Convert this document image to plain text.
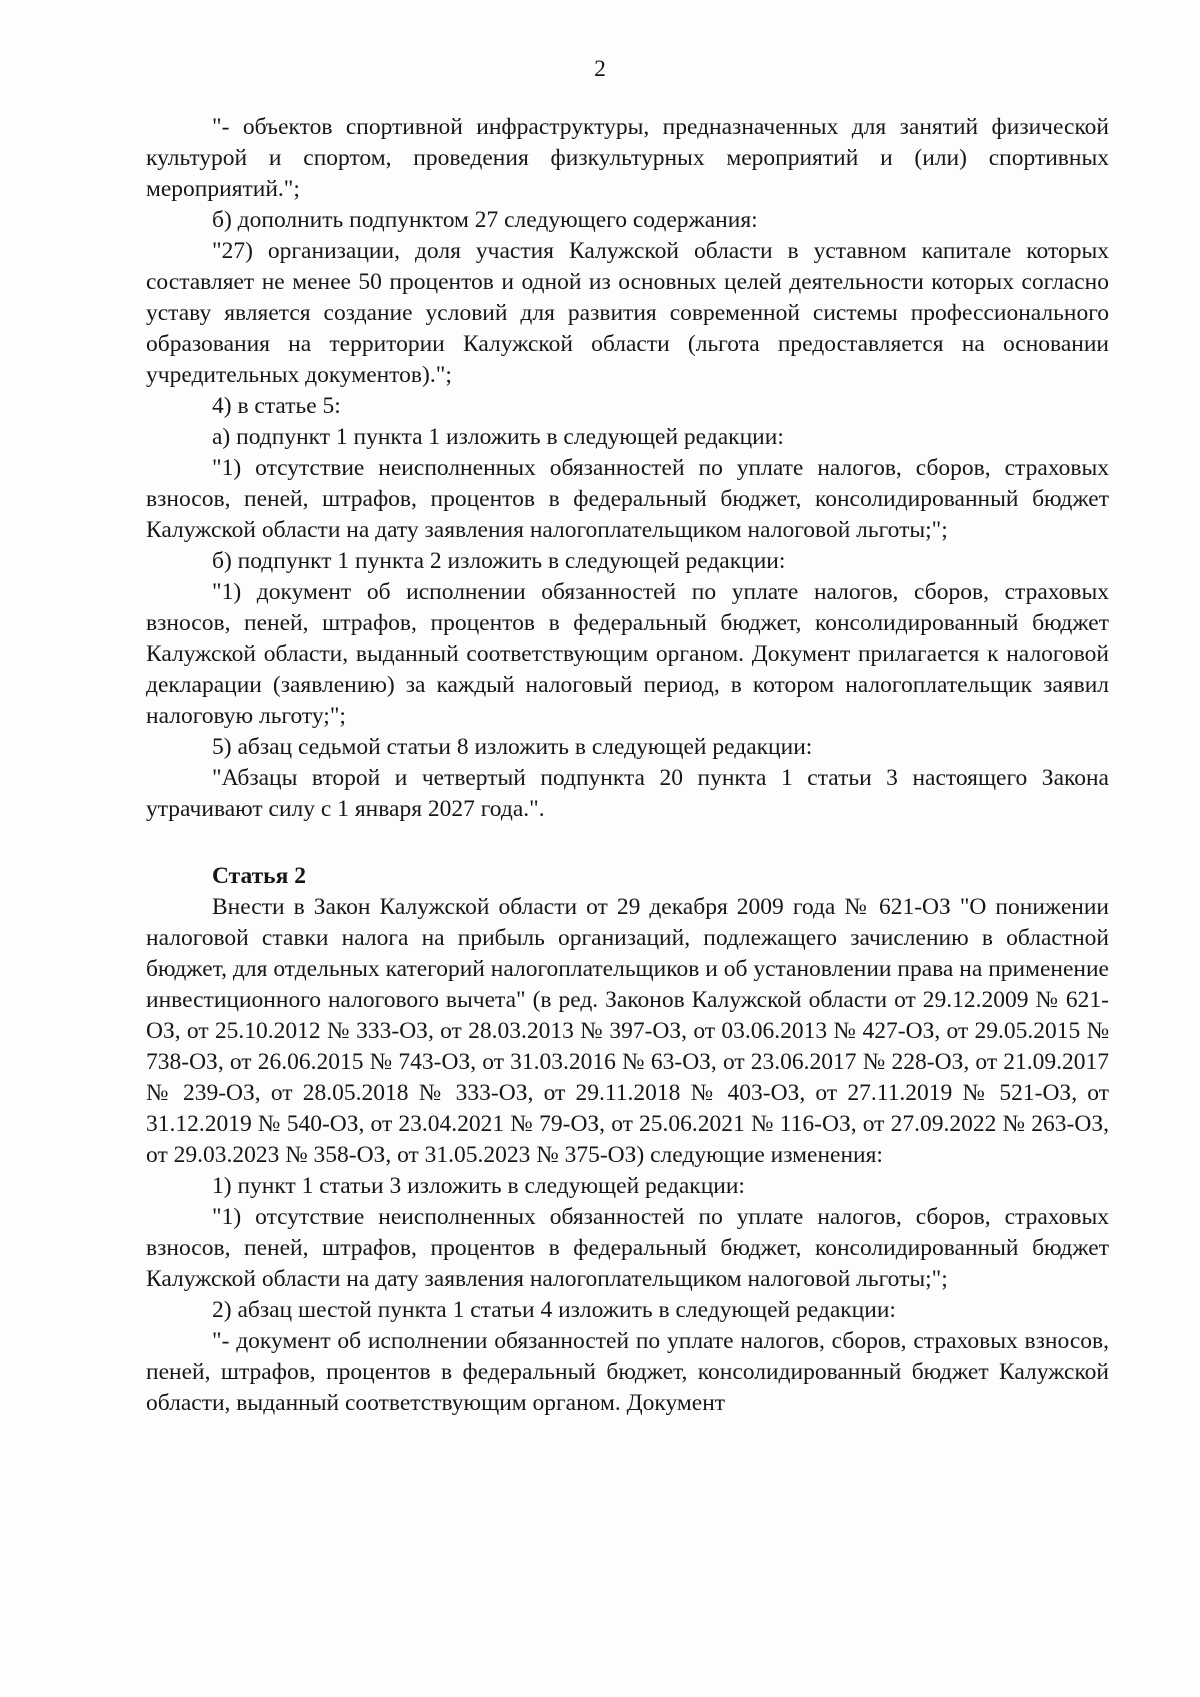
2

"- объектов спортивной инфраструктуры, предназначенных для занятий физической культурой и спортом, проведения физкультурных мероприятий и (или) спортивных мероприятий.";

б) дополнить подпунктом 27 следующего содержания:

"27) организации, доля участия Калужской области в уставном капитале которых составляет не менее 50 процентов и одной из основных целей деятельности которых согласно уставу является создание условий для развития современной системы профессионального образования на территории Калужской области (льгота предоставляется на основании учредительных документов).";

4) в статье 5:

а) подпункт 1 пункта 1 изложить в следующей редакции:

"1) отсутствие неисполненных обязанностей по уплате налогов, сборов, страховых взносов, пеней, штрафов, процентов в федеральный бюджет, консолидированный бюджет Калужской области на дату заявления налогоплательщиком налоговой льготы;";

б) подпункт 1 пункта 2 изложить в следующей редакции:

"1) документ об исполнении обязанностей по уплате налогов, сборов, страховых взносов, пеней, штрафов, процентов в федеральный бюджет, консолидированный бюджет Калужской области, выданный соответствующим органом. Документ прилагается к налоговой декларации (заявлению) за каждый налоговый период, в котором налогоплательщик заявил налоговую льготу;";

5) абзац седьмой статьи 8 изложить в следующей редакции:

"Абзацы второй и четвертый подпункта 20 пункта 1 статьи 3 настоящего Закона утрачивают силу с 1 января 2027 года.".

Статья 2

Внести в Закон Калужской области от 29 декабря 2009 года № 621-ОЗ "О понижении налоговой ставки налога на прибыль организаций, подлежащего зачислению в областной бюджет, для отдельных категорий налогоплательщиков и об установлении права на применение инвестиционного налогового вычета" (в ред. Законов Калужской области от 29.12.2009 № 621-ОЗ, от 25.10.2012 № 333-ОЗ, от 28.03.2013 № 397-ОЗ, от 03.06.2013 № 427-ОЗ, от 29.05.2015 № 738-ОЗ, от 26.06.2015 № 743-ОЗ, от 31.03.2016 № 63-ОЗ, от 23.06.2017 № 228-ОЗ, от 21.09.2017 № 239-ОЗ, от 28.05.2018 № 333-ОЗ, от 29.11.2018 № 403-ОЗ, от 27.11.2019 № 521-ОЗ, от 31.12.2019 № 540-ОЗ, от 23.04.2021 № 79-ОЗ, от 25.06.2021 № 116-ОЗ, от 27.09.2022 № 263-ОЗ, от 29.03.2023 № 358-ОЗ, от 31.05.2023 № 375-ОЗ) следующие изменения:

1) пункт 1 статьи 3 изложить в следующей редакции:

"1) отсутствие неисполненных обязанностей по уплате налогов, сборов, страховых взносов, пеней, штрафов, процентов в федеральный бюджет, консолидированный бюджет Калужской области на дату заявления налогоплательщиком налоговой льготы;";

2) абзац шестой пункта 1 статьи 4 изложить в следующей редакции:

"- документ об исполнении обязанностей по уплате налогов, сборов, страховых взносов, пеней, штрафов, процентов в федеральный бюджет, консолидированный бюджет Калужской области, выданный соответствующим органом. Документ
